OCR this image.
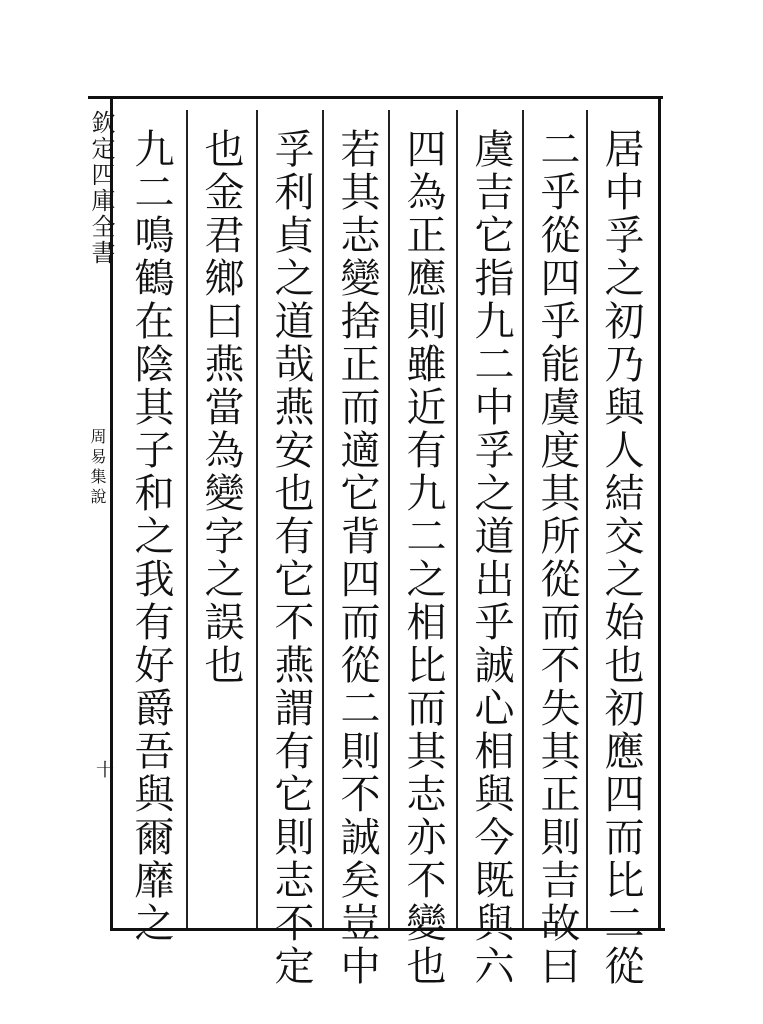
欽定四庫全書
周易集說
十	居中孚之初乃與人結交之始也初應四而比二從
二乎從四乎能虞度其所從而不失其正則吉故曰
虞吉它指九二中孚之道出乎誠心相與今既與六
四為正應則雖近有九二之相比而其志亦不變也
若其志變捨正而適它背四而從二則不誠矣豈中
孚利貞之道哉燕安也有它不燕謂有它則志不定
也金君鄉曰燕當為變字之誤也
九二鳴鶴在陰其子和之我有好爵吾與爾靡之
